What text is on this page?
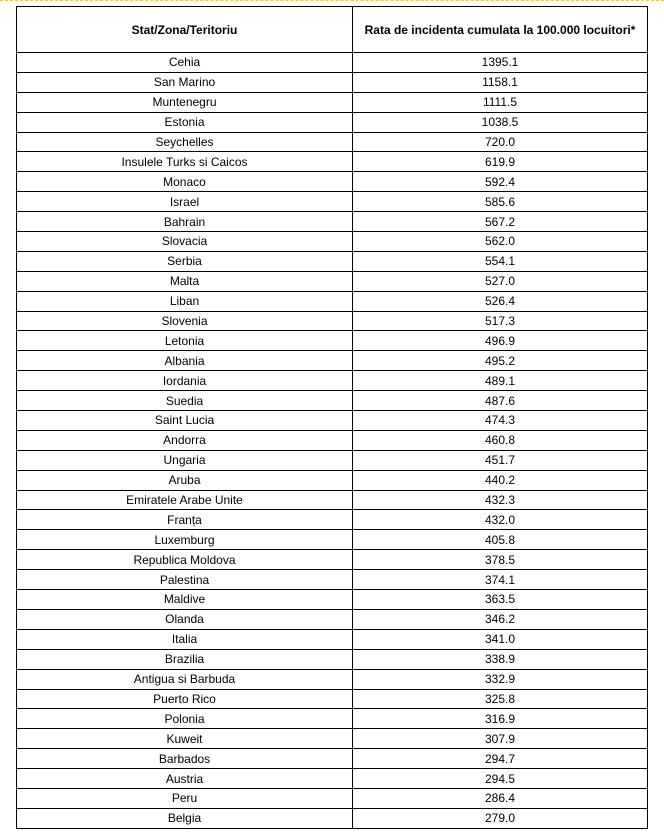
Stat/Zona/Teritoriu	Rata de incidenta cumulata la 100.000 locuitori*
Cehia	1395.1
San Marino	1158.1
Muntenegru	1111.5
Estonia	1038.5
Seychelles	720.0
Insulele Turks si Caicos	619.9
Monaco	592.4
Israel	585.6
Bahrain	567.2
Slovacia	562.0
Serbia	554.1
Malta	527.0
Liban	526.4
Slovenia	517.3
Letonia	496.9
Albania	495.2
Iordania	489.1
Suedia	487.6
Saint Lucia	474.3
Andorra	460.8
Ungaria	451.7
Aruba	440.2
Emiratele Arabe Unite	432.3
Franța	432.0
Luxemburg	405.8
Republica Moldova	378.5
Palestina	374.1
Maldive	363.5
Olanda	346.2
Italia	341.0
Brazilia	338.9
Antigua si Barbuda	332.9
Puerto Rico	325.8
Polonia	316.9
Kuweit	307.9
Barbados	294.7
Austria	294.5
Peru	286.4
Belgia	279.0
